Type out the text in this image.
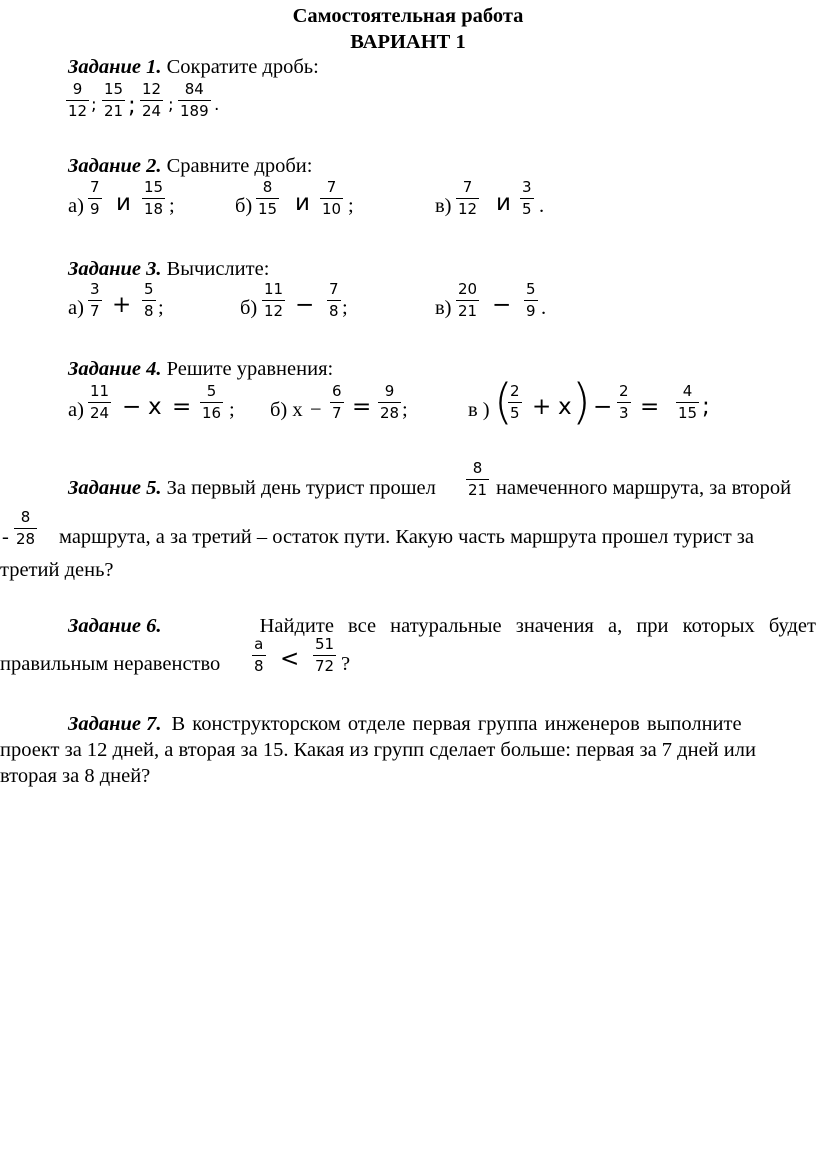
Самостоятельная работа
ВАРИАНТ 1
Задание 1. Сократите дробь:
$\frac{9}{12}$ ; $\frac{15}{21}$ ; $\frac{12}{24}$ ; $\frac{84}{189}$ .
Задание 2. Сравните дроби:
$а) \frac{7}{9}$ и $\frac{15}{18}$ ;	$б) \frac{8}{15}$ и $\frac{7}{10}$ ;	$в) \frac{7}{12}$ и $\frac{3}{5}$ .
Задание 3. Вычислите:
$а) \frac{3}{7} + \frac{5}{8}$ ;	$б) \frac{11}{12} - \frac{7}{8}$ ;	$в) \frac{20}{21} - \frac{5}{9}$ .
Задание 4. Решите уравнения:
$а) \frac{11}{24} - x = \frac{5}{16}$ ; б) $x - \frac{6}{7} = \frac{9}{28}$ ;	в ) (
$\frac{2}{5} + x$ ) − $\frac{2}{3} = \frac{4}{15}$ ;
Задание 5. За первый день турист прошел $\frac{8}{21}$ намеченного маршрута, за второй
- $\frac{8}{28}$ маршрута, а за третий – остаток пути. Какую часть маршрута прошел турист за
третий день?
Задание 6.	Найдите все натуральные значения а, при которых будет
правильным неравенство $\frac{a}{8} < \frac{51}{72}$ ?
Задание 7. В конструкторском отделе первая группа инженеров выполните
проект за 12 дней, а вторая за 15. Какая из групп сделает больше: первая за 7 дней или
вторая за 8 дней?
